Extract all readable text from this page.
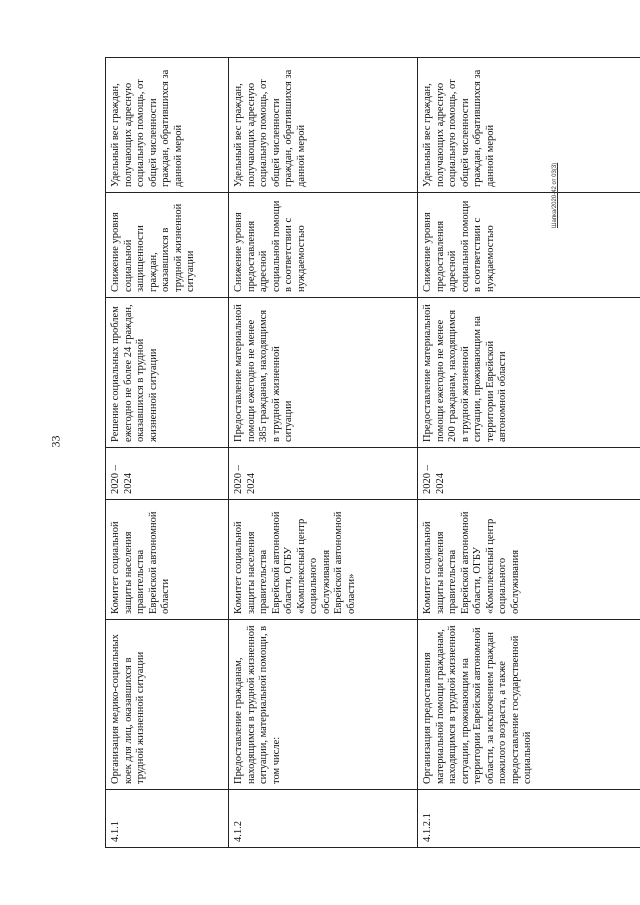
33
4.1.1	Организация медико-социальных коек для лиц, оказавшихся в трудной жизненной ситуации	Комитет социальной защиты населения правительства Еврейской автономной области	2020 – 2024	Решение социальных проблем ежегодно не более 24 граждан, оказавшихся в трудной жизненной ситуации	Снижение уровня социальной защищенности граждан, оказавшихся в трудной жизненной ситуации	Удельный вес граждан, получающих адресную социальную помощь, от общей численности граждан, обратившихся за данной мерой
4.1.2	Предоставление гражданам, находящимся в трудной жизненной ситуации, материальной помощи, в том числе:	Комитет социальной защиты населения правительства Еврейской автономной области, ОГБУ «Комплексный центр социального обслуживания Еврейской автономной области»	2020 – 2024	Предоставление материальной помощи ежегодно не менее 385 гражданам, находящимся в трудной жизненной ситуации	Снижение уровня предоставления адресной социальной помощи в соответствии с нуждаемостью	Удельный вес граждан, получающих адресную социальную помощь, от общей численности граждан, обратившихся за данной мерой
4.1.2.1	Организация предоставления материальной помощи гражданам, находящимся в трудной жизненной ситуации, проживающим на территории Еврейской автономной области, за исключением граждан пожилого возраста, а также предоставление государственной социальной	Комитет социальной защиты населения правительства Еврейской автономной области, ОГБУ «Комплексный центр социального обслуживания	2020 – 2024	Предоставление материальной помощи ежегодно не менее 200 гражданам, находящимся в трудной жизненной ситуации, проживающим на территории Еврейской автономной области	Снижение уровня предоставления адресной социальной помощи в соответствии с нуждаемостью	Удельный вес граждан, получающих адресную социальную помощь, от общей численности граждан, обратившихся за данной мерой
Шапка/2020-42 от 03(3)
